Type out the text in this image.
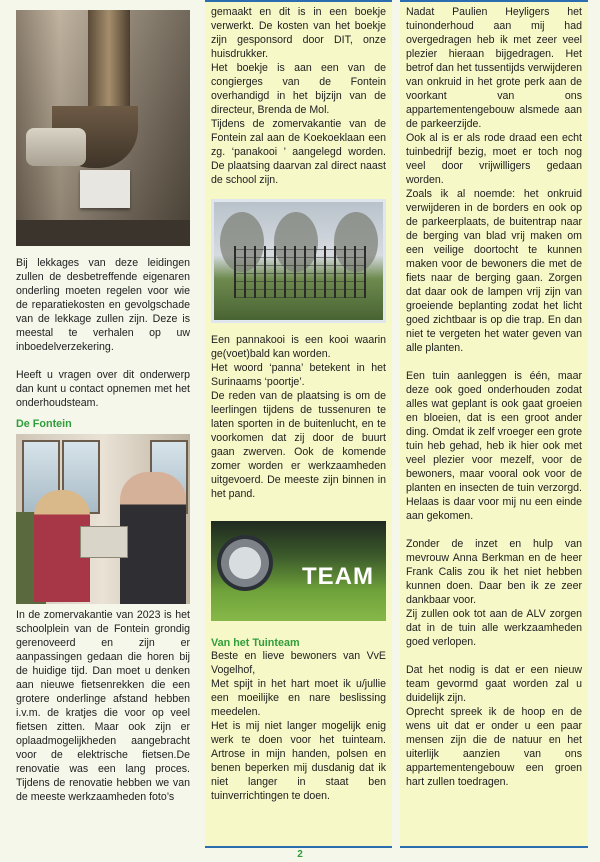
Bij lekkages van deze leidingen zullen de desbetreffende eigenaren onderling moeten regelen voor wie de reparatiekosten en gevolgschade van de lekkage zullen zijn. Deze is meestal te verhalen op uw inboedelverzekering.

Heeft u vragen over dit onderwerp dan kunt u contact opnemen met het onderhoudsteam.

De Fontein

In de zomervakantie van 2023 is het schoolplein van de Fontein grondig gerenoveerd en zijn er aanpassingen gedaan die horen bij de huidige tijd. Dan moet u denken aan nieuwe fietsenrekken die een grotere onderlinge afstand hebben i.v.m. de kratjes die voor op veel fietsen zitten. Maar ook zijn er oplaadmogelijkheden aangebracht voor de elektrische fietsen.De renovatie was een lang proces. Tijdens de renovatie hebben we van de meeste werkzaamheden foto’s

gemaakt en dit is in een boekje verwerkt. De kosten van het boekje zijn gesponsord door DIT, onze huisdrukker.

Het boekje is aan een van de congierges van de Fontein overhandigd in het bijzijn van de directeur, Brenda de Mol.

Tijdens de zomervakantie van de Fontein zal aan de Koekoeklaan een zg. ‘panakooi ’ aangelegd worden. De plaatsing daarvan zal direct naast de school zijn.

Een pannakooi is een kooi waarin ge(voet)bald kan worden.

Het woord ‘panna’ betekent in het Surinaams ‘poortje’.

De reden van de plaatsing is om de leerlingen tijdens de tussenuren te laten sporten in de buitenlucht, en te voorkomen dat zij door de buurt gaan zwerven. Ook de komende zomer worden er werkzaamheden uitgevoerd. De meeste zijn binnen in het pand.

TEAM

Van het Tuinteam

Beste en lieve bewoners van VvE Vogelhof,

Met spijt in het hart moet ik u/jullie een moeilijke en nare beslissing meedelen.

Het is mij niet langer mogelijk enig werk te doen voor het tuinteam. Artrose in mijn handen, polsen en benen beperken mij dusdanig dat ik niet langer in staat ben tuinverrichtingen te doen.

Nadat Paulien Heyligers het tuinonderhoud aan mij had overgedragen heb ik met zeer veel plezier hieraan bijgedragen. Het betrof dan het tussentijds verwijderen van onkruid in het grote perk aan de voorkant van ons appartementengebouw alsmede aan de parkeerzijde.

Ook al is er als rode draad een echt tuinbedrijf bezig, moet er toch nog veel door vrijwilligers gedaan worden.

Zoals ik al noemde: het onkruid verwijderen in de borders en ook op de parkeerplaats, de buitentrap naar de berging van blad vrij maken om een veilige doortocht te kunnen maken voor de bewoners die met de fiets naar de berging gaan. Zorgen dat daar ook de lampen vrij zijn van groeiende beplanting zodat het licht goed zichtbaar is op die trap. En dan niet te vergeten het water geven van alle planten.

Een tuin aanleggen is één, maar deze ook goed onderhouden zodat alles wat geplant is ook gaat groeien en bloeien, dat is een groot ander ding. Omdat ik zelf vroeger een grote tuin heb gehad, heb ik hier ook met veel plezier voor mezelf, voor de bewoners, maar vooral ook voor de planten en insecten de tuin verzorgd. Helaas is daar voor mij nu een einde aan gekomen.

Zonder de inzet en hulp van mevrouw Anna Berkman en de heer Frank Calis zou ik het niet hebben kunnen doen. Daar ben ik ze zeer dankbaar voor.

Zij zullen ook tot aan de ALV zorgen dat in de tuin alle werkzaamheden goed verlopen.

Dat het nodig is dat er een nieuw team gevormd gaat worden zal u duidelijk zijn.

Oprecht spreek ik de hoop en de wens uit dat er onder u een paar mensen zijn die de natuur en het uiterlijk aanzien van ons appartementengebouw een groen hart zullen toedragen.

2
